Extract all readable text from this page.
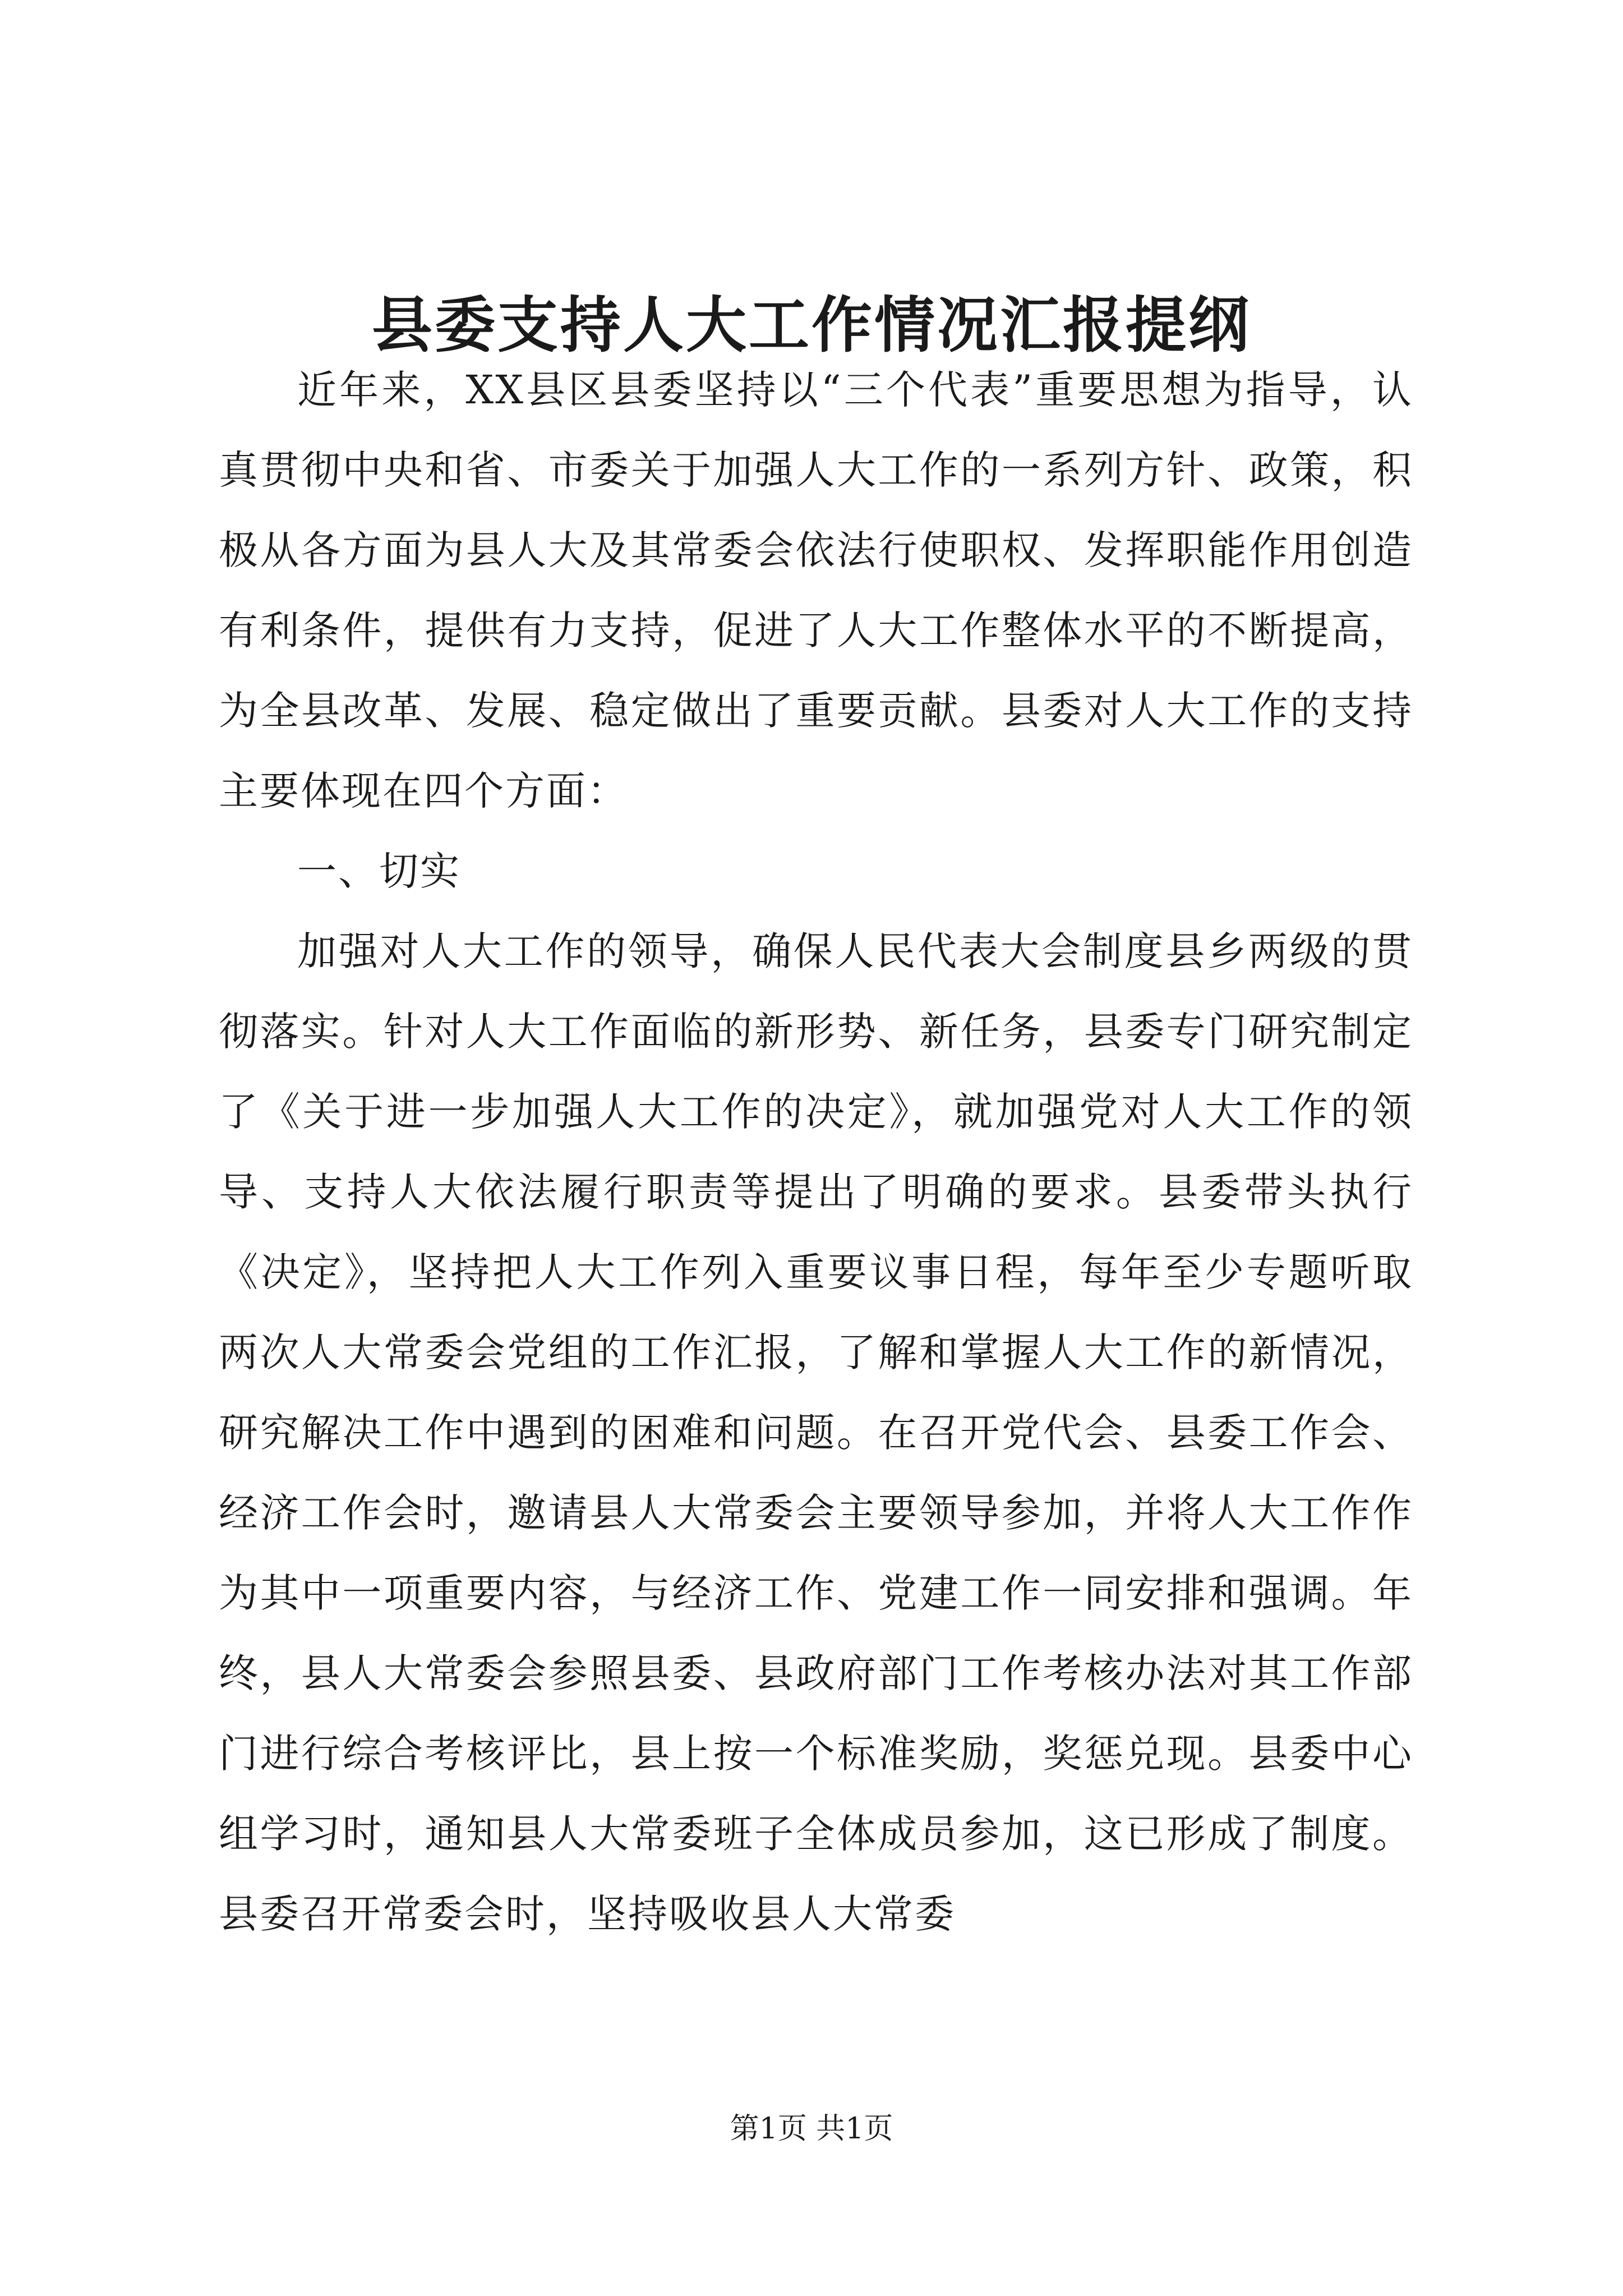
县委支持人大工作情况汇报提纲

近年来，XX县区县委坚持以“三个代表”重要思想为指导，认真贯彻中央和省、市委关于加强人大工作的一系列方针、政策，积极从各方面为县人大及其常委会依法行使职权、发挥职能作用创造有利条件，提供有力支持，促进了人大工作整体水平的不断提高，为全县改革、发展、稳定做出了重要贡献。县委对人大工作的支持主要体现在四个方面：

一、切实

加强对人大工作的领导，确保人民代表大会制度县乡两级的贯彻落实。针对人大工作面临的新形势、新任务，县委专门研究制定了《关于进一步加强人大工作的决定》，就加强党对人大工作的领导、支持人大依法履行职责等提出了明确的要求。县委带头执行《决定》，坚持把人大工作列入重要议事日程，每年至少专题听取两次人大常委会党组的工作汇报，了解和掌握人大工作的新情况，研究解决工作中遇到的困难和问题。在召开党代会、县委工作会、经济工作会时，邀请县人大常委会主要领导参加，并将人大工作作为其中一项重要内容，与经济工作、党建工作一同安排和强调。年终，县人大常委会参照县委、县政府部门工作考核办法对其工作部门进行综合考核评比，县上按一个标准奖励，奖惩兑现。县委中心组学习时，通知县人大常委班子全体成员参加，这已形成了制度。县委召开常委会时，坚持吸收县人大常委

第1页 共1页
